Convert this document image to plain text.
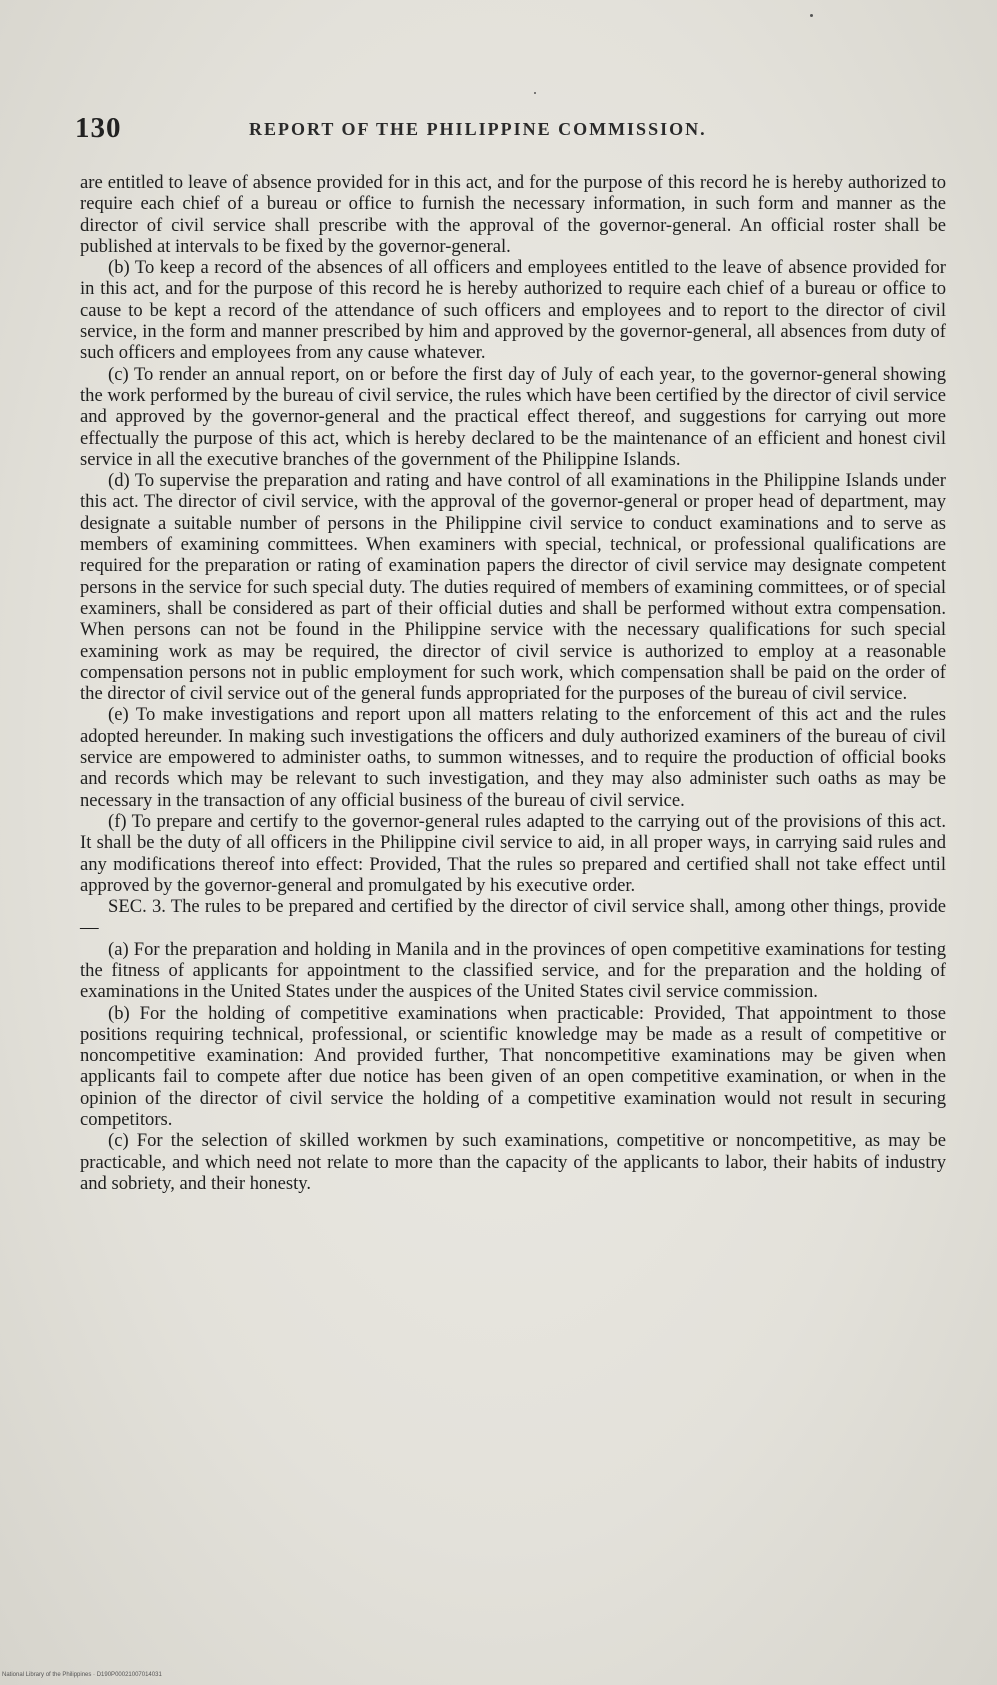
130	REPORT OF THE PHILIPPINE COMMISSION.

are entitled to leave of absence provided for in this act, and for the purpose of this record he is hereby authorized to require each chief of a bureau or office to furnish the necessary information, in such form and manner as the director of civil service shall prescribe with the approval of the governor-general. An official roster shall be published at intervals to be fixed by the governor-general.

(b) To keep a record of the absences of all officers and employees entitled to the leave of absence provided for in this act, and for the purpose of this record he is hereby authorized to require each chief of a bureau or office to cause to be kept a record of the attendance of such officers and employees and to report to the director of civil service, in the form and manner prescribed by him and approved by the governor-general, all absences from duty of such officers and employees from any cause whatever.

(c) To render an annual report, on or before the first day of July of each year, to the governor-general showing the work performed by the bureau of civil service, the rules which have been certified by the director of civil service and approved by the governor-general and the practical effect thereof, and suggestions for carrying out more effectually the purpose of this act, which is hereby declared to be the maintenance of an efficient and honest civil service in all the executive branches of the government of the Philippine Islands.

(d) To supervise the preparation and rating and have control of all examinations in the Philippine Islands under this act. The director of civil service, with the approval of the governor-general or proper head of department, may designate a suitable number of persons in the Philippine civil service to conduct examinations and to serve as members of examining committees. When examiners with special, technical, or professional qualifications are required for the preparation or rating of examination papers the director of civil service may designate competent persons in the service for such special duty. The duties required of members of examining committees, or of special examiners, shall be considered as part of their official duties and shall be performed without extra compensation. When persons can not be found in the Philippine service with the necessary qualifications for such special examining work as may be required, the director of civil service is authorized to employ at a reasonable compensation persons not in public employment for such work, which compensation shall be paid on the order of the director of civil service out of the general funds appropriated for the purposes of the bureau of civil service.

(e) To make investigations and report upon all matters relating to the enforcement of this act and the rules adopted hereunder. In making such investigations the officers and duly authorized examiners of the bureau of civil service are empowered to administer oaths, to summon witnesses, and to require the production of official books and records which may be relevant to such investigation, and they may also administer such oaths as may be necessary in the transaction of any official business of the bureau of civil service.

(f) To prepare and certify to the governor-general rules adapted to the carrying out of the provisions of this act. It shall be the duty of all officers in the Philippine civil service to aid, in all proper ways, in carrying said rules and any modifications thereof into effect: Provided, That the rules so prepared and certified shall not take effect until approved by the governor-general and promulgated by his executive order.

SEC. 3. The rules to be prepared and certified by the director of civil service shall, among other things, provide—

(a) For the preparation and holding in Manila and in the provinces of open competitive examinations for testing the fitness of applicants for appointment to the classified service, and for the preparation and the holding of examinations in the United States under the auspices of the United States civil service commission.

(b) For the holding of competitive examinations when practicable: Provided, That appointment to those positions requiring technical, professional, or scientific knowledge may be made as a result of competitive or noncompetitive examination: And provided further, That noncompetitive examinations may be given when applicants fail to compete after due notice has been given of an open competitive examination, or when in the opinion of the director of civil service the holding of a competitive examination would not result in securing competitors.

(c) For the selection of skilled workmen by such examinations, competitive or noncompetitive, as may be practicable, and which need not relate to more than the capacity of the applicants to labor, their habits of industry and sobriety, and their honesty.

National Library of the Philippines · D190P00021007014031
